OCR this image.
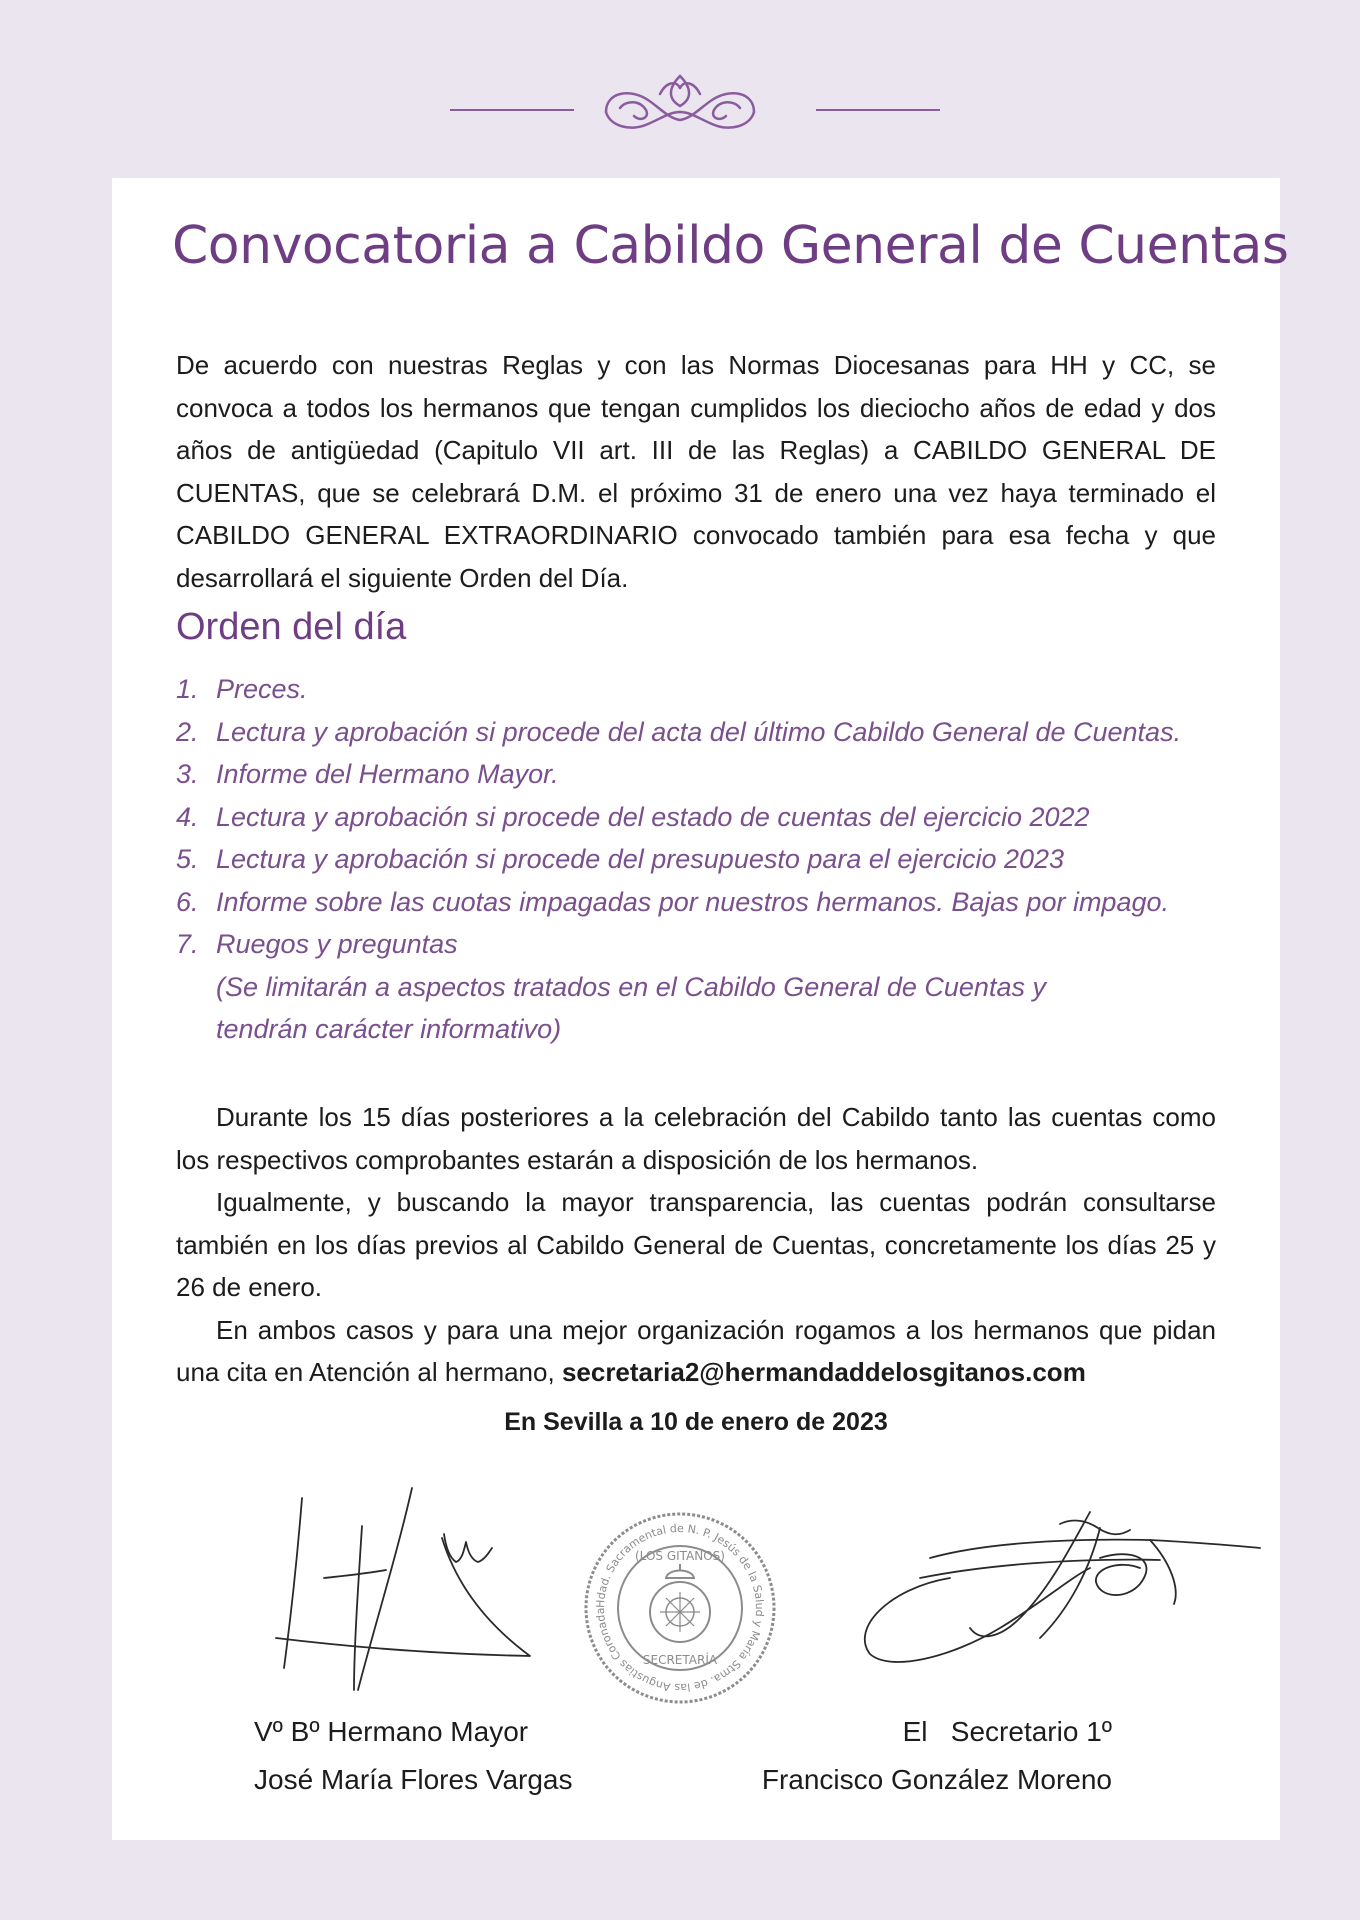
Convocatoria a Cabildo General de Cuentas

De acuerdo con nuestras Reglas y con las Normas Diocesanas para HH y CC, se convoca a todos los hermanos que tengan cumplidos los dieciocho años de edad y dos años de antigüedad (Capitulo VII art. III de las Reglas) a CABILDO GENERAL DE CUENTAS, que se celebrará D.M. el próximo 31 de enero una vez haya terminado el CABILDO GENERAL EXTRAORDINARIO convocado también para esa fecha y que desarrollará el siguiente Orden del Día.

Orden del día
1. Preces.
2. Lectura y aprobación si procede del acta del último Cabildo General de Cuentas.
3. Informe del Hermano Mayor.
4. Lectura y aprobación si procede del estado de cuentas del ejercicio 2022
5. Lectura y aprobación si procede del presupuesto para el ejercicio 2023
6. Informe sobre las cuotas impagadas por nuestros hermanos. Bajas por impago.
7. Ruegos y preguntas
(Se limitarán a aspectos tratados en el Cabildo General de Cuentas y
tendrán carácter informativo)

Durante los 15 días posteriores a la celebración del Cabildo tanto las cuentas como los respectivos comprobantes estarán a disposición de los hermanos.

Igualmente, y buscando la mayor transparencia, las cuentas podrán consultarse también en los días previos al Cabildo General de Cuentas, concretamente los días 25 y 26 de enero.

En ambos casos y para una mejor organización rogamos a los hermanos que pidan una cita en Atención al hermano, secretaria2@hermandaddelosgitanos.com

En Sevilla a 10 de enero de 2023
Hdad. Sacramental de N. P. Jesús de la Salud y María Stma. de las Angustias Coronada
(LOS GITANOS)
SECRETARÍA
Vº Bº Hermano Mayor
José María Flores Vargas
El   Secretario 1º
Francisco González Moreno
